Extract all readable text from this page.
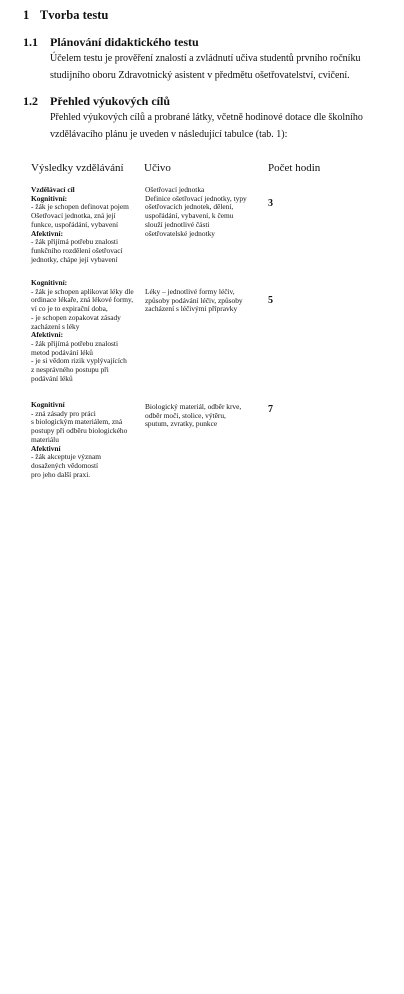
1 Tvorba testu
1.1 Plánování didaktického testu
Účelem testu je prověření znalostí a zvládnutí učiva studentů prvního ročníku
studijního oboru Zdravotnický asistent v předmětu ošetřovatelství, cvičení.
1.2 Přehled výukových cílů
Přehled výukových cílů a probrané látky, včetně hodinové dotace dle školního
vzdělávacího plánu je uveden v následující tabulce (tab. 1):
Výsledky vzdělávání Učivo	Počet hodin
Vzdělávací cíl
Kognitivní:
- žák je schopen definovat pojem
Ošetřovací jednotka, zná její
funkce, uspořádání, vybavení
Afektivní:
- žák přijímá potřebu znalosti
funkčního rozdělení ošetřovací
jednotky, chápe její vybavení
Ošetřovací jednotka
Definice ošetřovací jednotky, typy
ošetřovacích jednotek, dělení,
uspořádání, vybavení, k čemu
slouží jednotlivé části
ošetřovatelské jednotky
3
Kognitivní:
- žák je schopen aplikovat léky dle
ordinace lékaře, zná lékové formy,
ví co je to expirační doba,
- je schopen zopakovat zásady
zacházení s léky
Afektivní:
- žák přijímá potřebu znalosti
metod podávání léků
- je si vědom rizik vyplývajících
z nesprávného postupu při
podávání léků
Léky – jednotlivé formy léčiv,
způsoby podávání léčiv, způsoby
zacházení s léčivými přípravky
5
Kognitivní
- zná zásady pro práci
s biologickým materiálem, zná
postupy při odběru biologického
materiálu
Afektivní
- žák akceptuje význam
dosažených vědomostí
pro jeho další praxi.
Biologický materiál, odběr krve,
odběr moči, stolice, výtěru,
sputum, zvratky, punkce
7
